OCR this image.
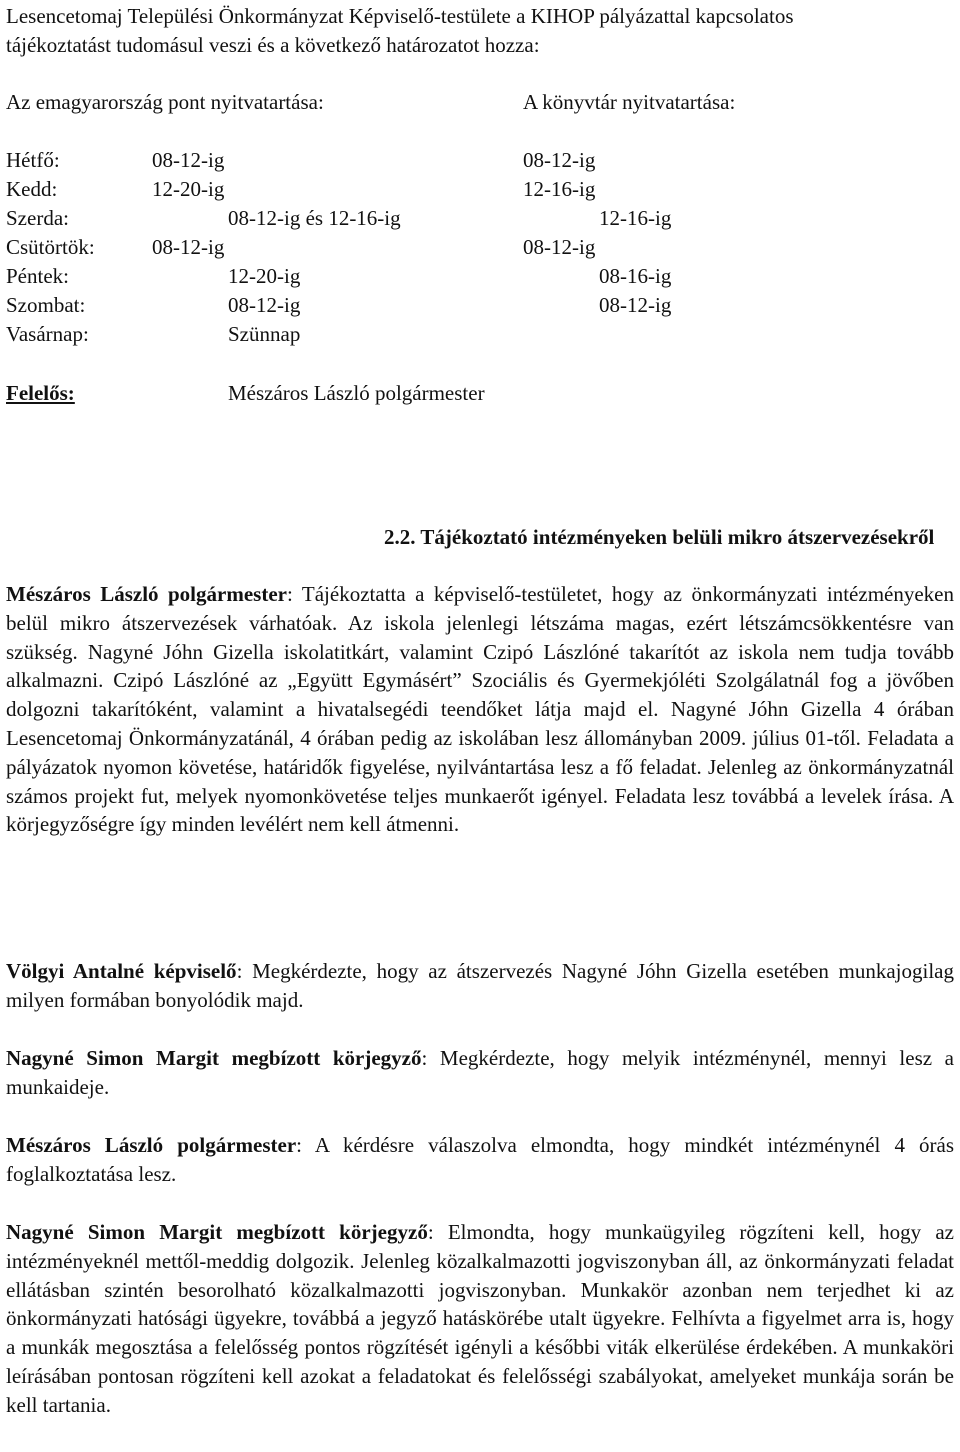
Lesencetomaj Települési Önkormányzat Képviselő-testülete a KIHOP pályázattal kapcsolatos
tájékoztatást tudomásul veszi és a következő határozatot hozza:
Az emagyarország pont nyitvatartása:	A könyvtár nyitvatartása:
Hétfő:	08-12-ig	08-12-ig
Kedd:	12-20-ig	12-16-ig
Szerda:	08-12-ig és 12-16-ig	12-16-ig
Csütörtök:	08-12-ig	08-12-ig
Péntek:	12-20-ig	08-16-ig
Szombat:	08-12-ig	08-12-ig
Vasárnap:	Szünnap
Felelős:	Mészáros László polgármester
2.2. Tájékoztató intézményeken belüli mikro átszervezésekről
Mészáros László polgármester: Tájékoztatta a képviselő-testületet, hogy az önkormányzati intézményeken belül mikro átszervezések várhatóak. Az iskola jelenlegi létszáma magas, ezért létszámcsökkentésre van szükség. Nagyné Jóhn Gizella iskolatitkárt, valamint Czipó Lászlóné takarítót az iskola nem tudja tovább alkalmazni. Czipó Lászlóné az „Együtt Egymásért” Szociális és Gyermekjóléti Szolgálatnál fog a jövőben dolgozni takarítóként, valamint a hivatalsegédi teendőket látja majd el. Nagyné Jóhn Gizella 4 órában Lesencetomaj Önkormányzatánál, 4 órában pedig az iskolában lesz állományban 2009. július 01-től. Feladata a pályázatok nyomon követése, határidők figyelése, nyilvántartása lesz a fő feladat. Jelenleg az önkormányzatnál számos projekt fut, melyek nyomonkövetése teljes munkaerőt igényel. Feladata lesz továbbá a levelek írása. A körjegyzőségre így minden levélért nem kell átmenni.
Völgyi Antalné képviselő: Megkérdezte, hogy az átszervezés Nagyné Jóhn Gizella esetében munkajogilag milyen formában bonyolódik majd.
Nagyné Simon Margit megbízott körjegyző: Megkérdezte, hogy melyik intézménynél, mennyi lesz a munkaideje.
Mészáros László polgármester: A kérdésre válaszolva elmondta, hogy mindkét intézménynél 4 órás foglalkoztatása lesz.
Nagyné Simon Margit megbízott körjegyző: Elmondta, hogy munkaügyileg rögzíteni kell, hogy az intézményeknél mettől-meddig dolgozik. Jelenleg közalkalmazotti jogviszonyban áll, az önkormányzati feladat ellátásban szintén besorolható közalkalmazotti jogviszonyban. Munkakör azonban nem terjedhet ki az önkormányzati hatósági ügyekre, továbbá a jegyző hatáskörébe utalt ügyekre. Felhívta a figyelmet arra is, hogy a munkák megosztása a felelősség pontos rögzítését igényli a későbbi viták elkerülése érdekében. A munkaköri leírásában pontosan rögzíteni kell azokat a feladatokat és felelősségi szabályokat, amelyeket munkája során be kell tartania.
